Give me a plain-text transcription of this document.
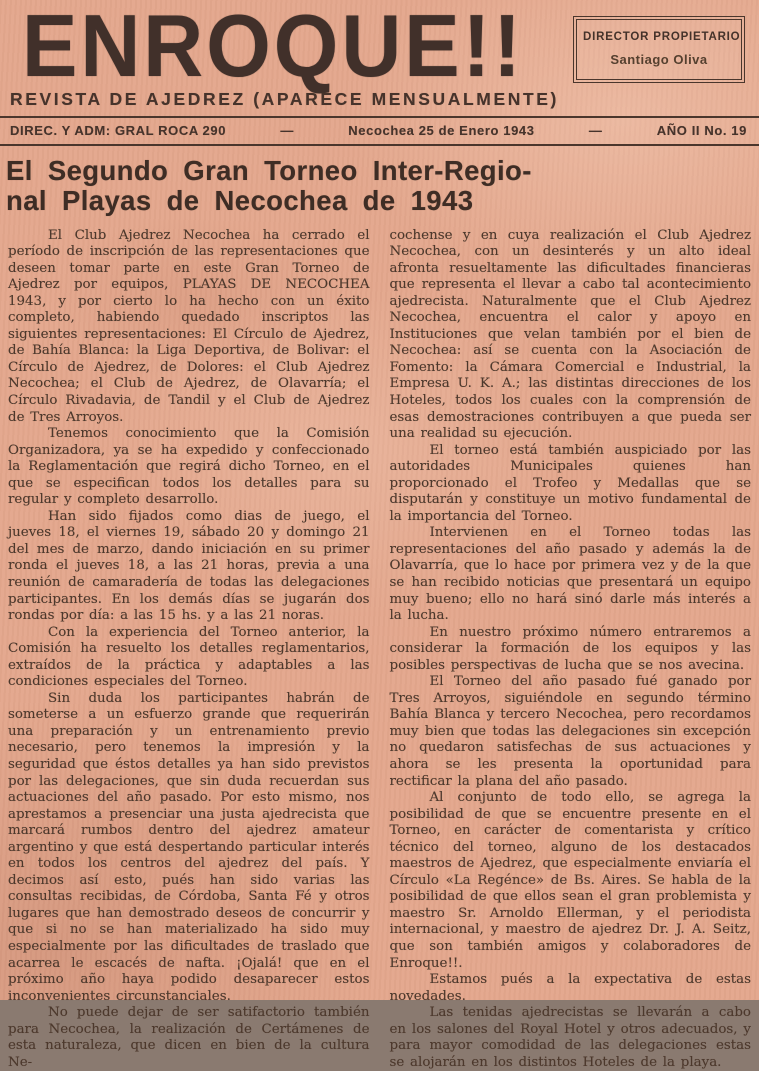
ENROQUE!!
REVISTA DE AJEDREZ (APARECE MENSUALMENTE)
DIRECTOR PROPIETARIO
Santiago Oliva
DIREC. Y ADM: GRAL ROCA 290	—	Necochea 25 de Enero 1943	—	AÑO II No. 19
El Segundo Gran Torneo Inter-Regio-
nal Playas de Necochea de 1943

El Club Ajedrez Necochea ha cerrado el período de inscripción de las representaciones que deseen tomar parte en este Gran Torneo de Ajedrez por equipos, PLAYAS DE NECOCHEA 1943, y por cierto lo ha hecho con un éxito completo, habiendo quedado inscriptos las siguientes representaciones: El Círculo de Ajedrez, de Bahía Blanca: la Liga Deportiva, de Bolivar: el Círculo de Ajedrez, de Dolores: el Club Ajedrez Necochea; el Club de Ajedrez, de Olavarría; el Círculo Rivadavia, de Tandil y el Club de Ajedrez de Tres Arroyos.

Tenemos conocimiento que la Comisión Organizadora, ya se ha expedido y confeccionado la Reglamentación que regirá dicho Torneo, en el que se especifican todos los detalles para su regular y completo desarrollo.

Han sido fijados como dias de juego, el jueves 18, el viernes 19, sábado 20 y domingo 21 del mes de marzo, dando iniciación en su primer ronda el jueves 18, a las 21 horas, previa a una reunión de camaradería de todas las delegaciones participantes. En los demás días se jugarán dos rondas por día: a las 15 hs. y a las 21 noras.

Con la experiencia del Torneo anterior, la Comisión ha resuelto los detalles reglamentarios, extraídos de la práctica y adaptables a las condiciones especiales del Torneo.

Sin duda los participantes habrán de someterse a un esfuerzo grande que requerirán una preparación y un entrenamiento previo necesario, pero tenemos la impresión y la seguridad que éstos detalles ya han sido previstos por las delegaciones, que sin duda recuerdan sus actuaciones del año pasado. Por esto mismo, nos aprestamos a presenciar una justa ajedrecista que marcará rumbos dentro del ajedrez amateur argentino y que está despertando particular interés en todos los centros del ajedrez del país. Y decimos así esto, pués han sido varias las consultas recibidas, de Córdoba, Santa Fé y otros lugares que han demostrado deseos de concurrir y que si no se han materializado ha sido muy especialmente por las dificultades de traslado que acarrea le escacés de nafta. ¡Ojalá! que en el próximo año haya podido desaparecer estos inconvenientes circunstanciales.

No puede dejar de ser satifactorio también para Necochea, la realización de Certámenes de esta naturaleza, que dicen en bien de la cultura Ne-

cochense y en cuya realización el Club Ajedrez Necochea, con un desinterés y un alto ideal afronta resueltamente las dificultades financieras que representa el llevar a cabo tal acontecimiento ajedrecista. Naturalmente que el Club Ajedrez Necochea, encuentra el calor y apoyo en Instituciones que velan también por el bien de Necochea: así se cuenta con la Asociación de Fomento: la Cámara Comercial e Industrial, la Empresa U. K. A.; las distintas direcciones de los Hoteles, todos los cuales con la comprensión de esas demostraciones contribuyen a que pueda ser una realidad su ejecución.

El torneo está también auspiciado por las autoridades Municipales quienes han proporcionado el Trofeo y Medallas que se disputarán y constituye un motivo fundamental de la importancia del Torneo.

Intervienen en el Torneo todas las representaciones del año pasado y además la de Olavarría, que lo hace por primera vez y de la que se han recibido noticias que presentará un equipo muy bueno; ello no hará sinó darle más interés a la lucha.

En nuestro próximo número entraremos a considerar la formación de los equipos y las posibles perspectivas de lucha que se nos avecina.

El Torneo del año pasado fué ganado por Tres Arroyos, siguiéndole en segundo término Bahía Blanca y tercero Necochea, pero recordamos muy bien que todas las delegaciones sin excepción no quedaron satisfechas de sus actuaciones y ahora se les presenta la oportunidad para rectificar la plana del año pasado.

Al conjunto de todo ello, se agrega la posibilidad de que se encuentre presente en el Torneo, en carácter de comentarista y crítico técnico del torneo, alguno de los destacados maestros de Ajedrez, que especialmente enviaría el Círculo «La Regénce» de Bs. Aires. Se habla de la posibilidad de que ellos sean el gran problemista y maestro Sr. Arnoldo Ellerman, y el periodista internacional, y maestro de ajedrez Dr. J. A. Seitz, que son también amigos y colaboradores de Enroque!!.

Estamos pués a la expectativa de estas novedades.

Las tenidas ajedrecistas se llevarán a cabo en los salones del Royal Hotel y otros adecuados, y para mayor comodidad de las delegaciones estas se alojarán en los distintos Hoteles de la playa.
